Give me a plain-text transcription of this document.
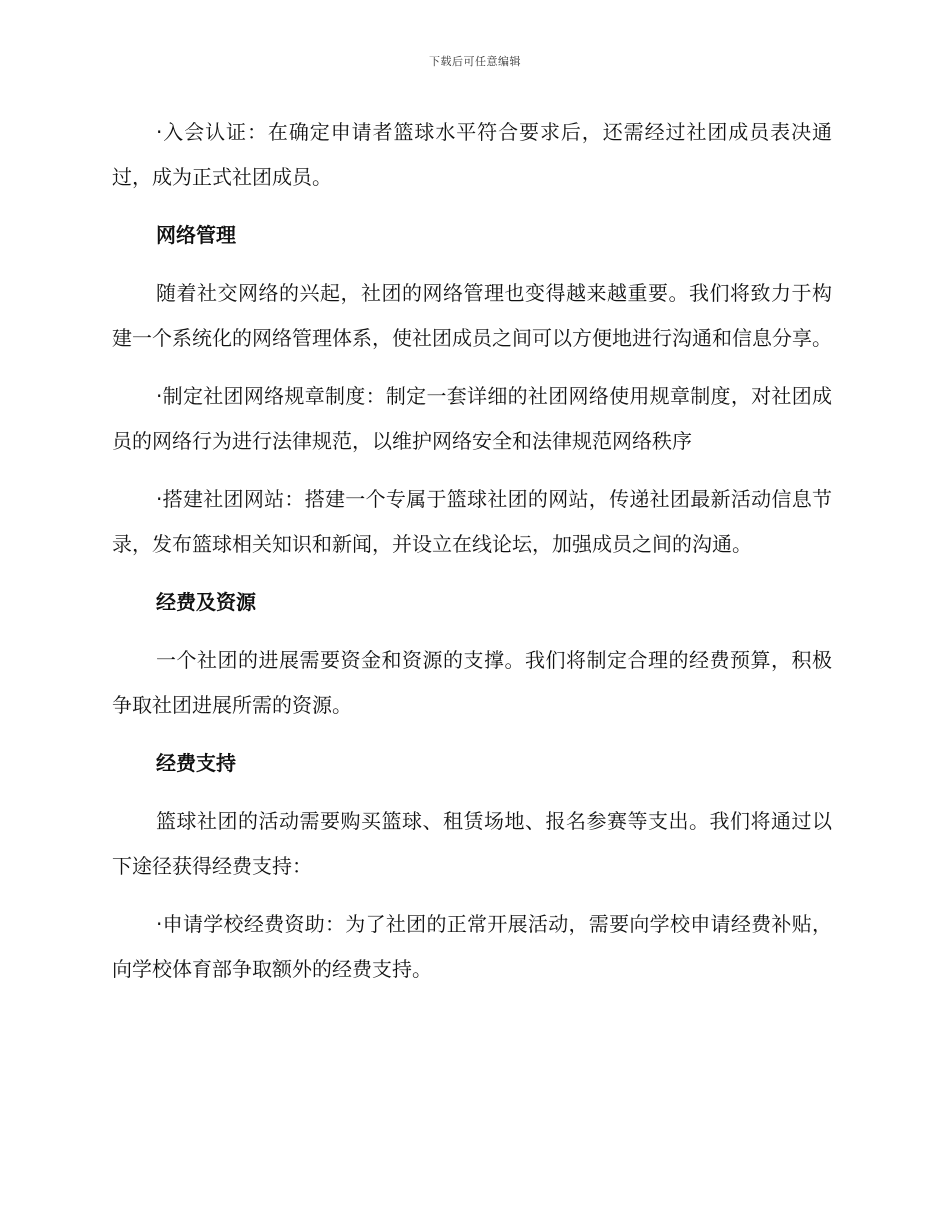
下载后可任意编辑

·入会认证：在确定申请者篮球水平符合要求后，还需经过社团成员表决通过，成为正式社团成员。

网络管理

随着社交网络的兴起，社团的网络管理也变得越来越重要。我们将致力于构建一个系统化的网络管理体系，使社团成员之间可以方便地进行沟通和信息分享。

·制定社团网络规章制度：制定一套详细的社团网络使用规章制度，对社团成员的网络行为进行法律规范，以维护网络安全和法律规范网络秩序

·搭建社团网站：搭建一个专属于篮球社团的网站，传递社团最新活动信息节录，发布篮球相关知识和新闻，并设立在线论坛，加强成员之间的沟通。

经费及资源

一个社团的进展需要资金和资源的支撑。我们将制定合理的经费预算，积极争取社团进展所需的资源。

经费支持

篮球社团的活动需要购买篮球、租赁场地、报名参赛等支出。我们将通过以下途径获得经费支持：

·申请学校经费资助：为了社团的正常开展活动，需要向学校申请经费补贴，向学校体育部争取额外的经费支持。
